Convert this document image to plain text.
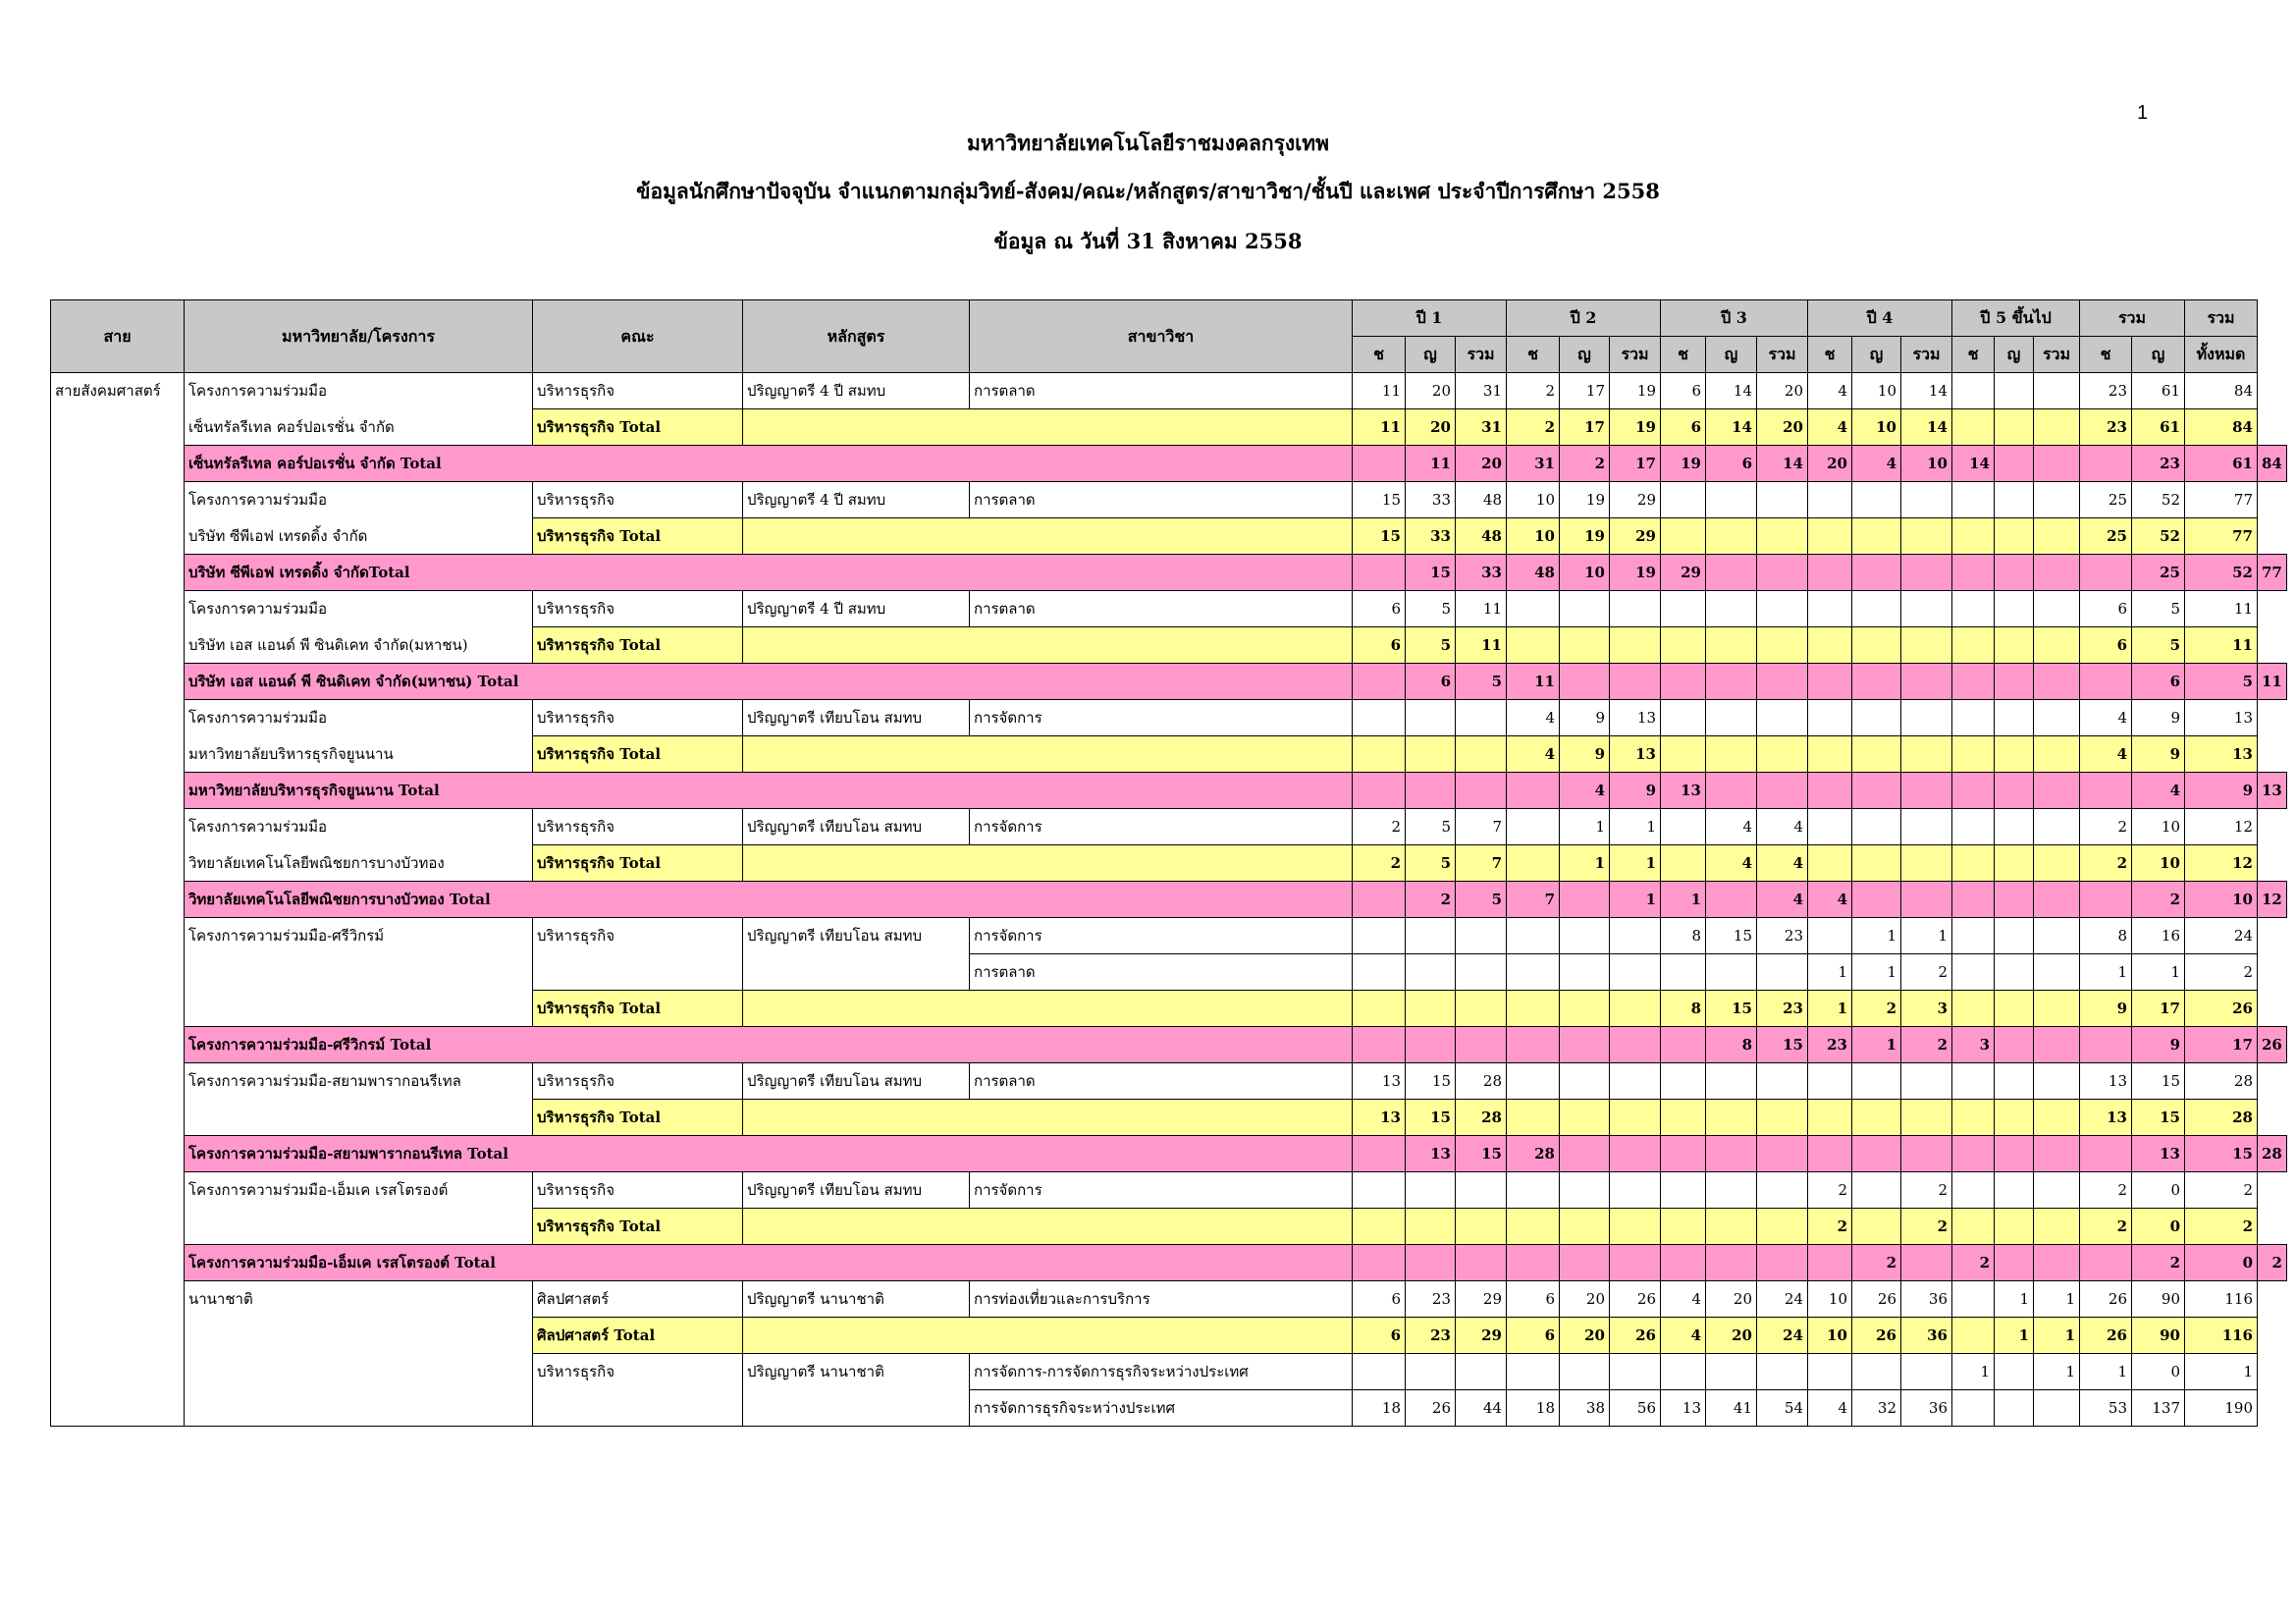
1
มหาวิทยาลัยเทคโนโลยีราชมงคลกรุงเทพ
ข้อมูลนักศึกษาปัจจุบัน จำแนกตามกลุ่มวิทย์-สังคม/คณะ/หลักสูตร/สาขาวิชา/ชั้นปี และเพศ ประจำปีการศึกษา 2558
ข้อมูล ณ วันที่ 31 สิงหาคม 2558
สาย	มหาวิทยาลัย/โครงการ	คณะ	หลักสูตร	สาขาวิชา	ปี 1			ปี 2			ปี 3			ปี 4			ปี 5 ขึ้นไป			รวม		รวม	
					ช	ญ	รวม	ช	ญ	รวม	ช	ญ	รวม	ช	ญ	รวม	ช	ญ	รวม	ช	ญ	ทั้งหมด	
สายสังคมศาสตร์	โครงการความร่วมมือ	บริหารธุรกิจ	ปริญญาตรี 4 ปี สมทบ	การตลาด	11	20	31	2	17	19	6	14	20	4	10	14				23	61	84	
	เซ็นทรัลรีเทล คอร์ปอเรชั่น จำกัด	บริหารธุรกิจ Total			11	20	31	2	17	19	6	14	20	4	10	14				23	61	84	
	เซ็นทรัลรีเทล คอร์ปอเรชั่น จำกัด Total					11	20	31	2	17	19	6	14	20	4	10	14				23	61	84
	โครงการความร่วมมือ	บริหารธุรกิจ	ปริญญาตรี 4 ปี สมทบ	การตลาด	15	33	48	10	19	29										25	52	77	
	บริษัท ซีพีเอฟ เทรดดิ้ง จำกัด	บริหารธุรกิจ Total			15	33	48	10	19	29										25	52	77	
	บริษัท ซีพีเอฟ เทรดดิ้ง จำกัดTotal					15	33	48	10	19	29										25	52	77
	โครงการความร่วมมือ	บริหารธุรกิจ	ปริญญาตรี 4 ปี สมทบ	การตลาด	6	5	11													6	5	11	
	บริษัท เอส แอนด์ พี ซินดิเคท จำกัด(มหาชน)	บริหารธุรกิจ Total			6	5	11													6	5	11	
	บริษัท เอส แอนด์ พี ซินดิเคท จำกัด(มหาชน) Total					6	5	11													6	5	11
	โครงการความร่วมมือ	บริหารธุรกิจ	ปริญญาตรี เทียบโอน สมทบ	การจัดการ				4	9	13										4	9	13	
	มหาวิทยาลัยบริหารธุรกิจยูนนาน	บริหารธุรกิจ Total						4	9	13										4	9	13	
	มหาวิทยาลัยบริหารธุรกิจยูนนาน Total								4	9	13										4	9	13
	โครงการความร่วมมือ	บริหารธุรกิจ	ปริญญาตรี เทียบโอน สมทบ	การจัดการ	2	5	7		1	1		4	4							2	10	12	
	วิทยาลัยเทคโนโลยีพณิชยการบางบัวทอง	บริหารธุรกิจ Total			2	5	7		1	1		4	4							2	10	12	
	วิทยาลัยเทคโนโลยีพณิชยการบางบัวทอง Total					2	5	7		1	1		4	4							2	10	12
	โครงการความร่วมมือ-ศรีวิกรม์	บริหารธุรกิจ	ปริญญาตรี เทียบโอน สมทบ	การจัดการ							8	15	23		1	1				8	16	24	
				การตลาด										1	1	2				1	1	2	
		บริหารธุรกิจ Total									8	15	23	1	2	3				9	17	26	
	โครงการความร่วมมือ-ศรีวิกรม์ Total											8	15	23	1	2	3				9	17	26
	โครงการความร่วมมือ-สยามพารากอนรีเทล	บริหารธุรกิจ	ปริญญาตรี เทียบโอน สมทบ	การตลาด	13	15	28													13	15	28	
		บริหารธุรกิจ Total			13	15	28													13	15	28	
	โครงการความร่วมมือ-สยามพารากอนรีเทล Total					13	15	28													13	15	28
	โครงการความร่วมมือ-เอ็มเค เรสโตรองต์	บริหารธุรกิจ	ปริญญาตรี เทียบโอน สมทบ	การจัดการ										2		2				2	0	2	
		บริหารธุรกิจ Total												2		2				2	0	2	
	โครงการความร่วมมือ-เอ็มเค เรสโตรองต์ Total														2		2				2	0	2
	นานาชาติ	ศิลปศาสตร์	ปริญญาตรี นานาชาติ	การท่องเที่ยวและการบริการ	6	23	29	6	20	26	4	20	24	10	26	36		1	1	26	90	116	
		ศิลปศาสตร์ Total			6	23	29	6	20	26	4	20	24	10	26	36		1	1	26	90	116	
		บริหารธุรกิจ	ปริญญาตรี นานาชาติ	การจัดการ-การจัดการธุรกิจระหว่างประเทศ													1		1	1	0	1	
				การจัดการธุรกิจระหว่างประเทศ	18	26	44	18	38	56	13	41	54	4	32	36				53	137	190	
